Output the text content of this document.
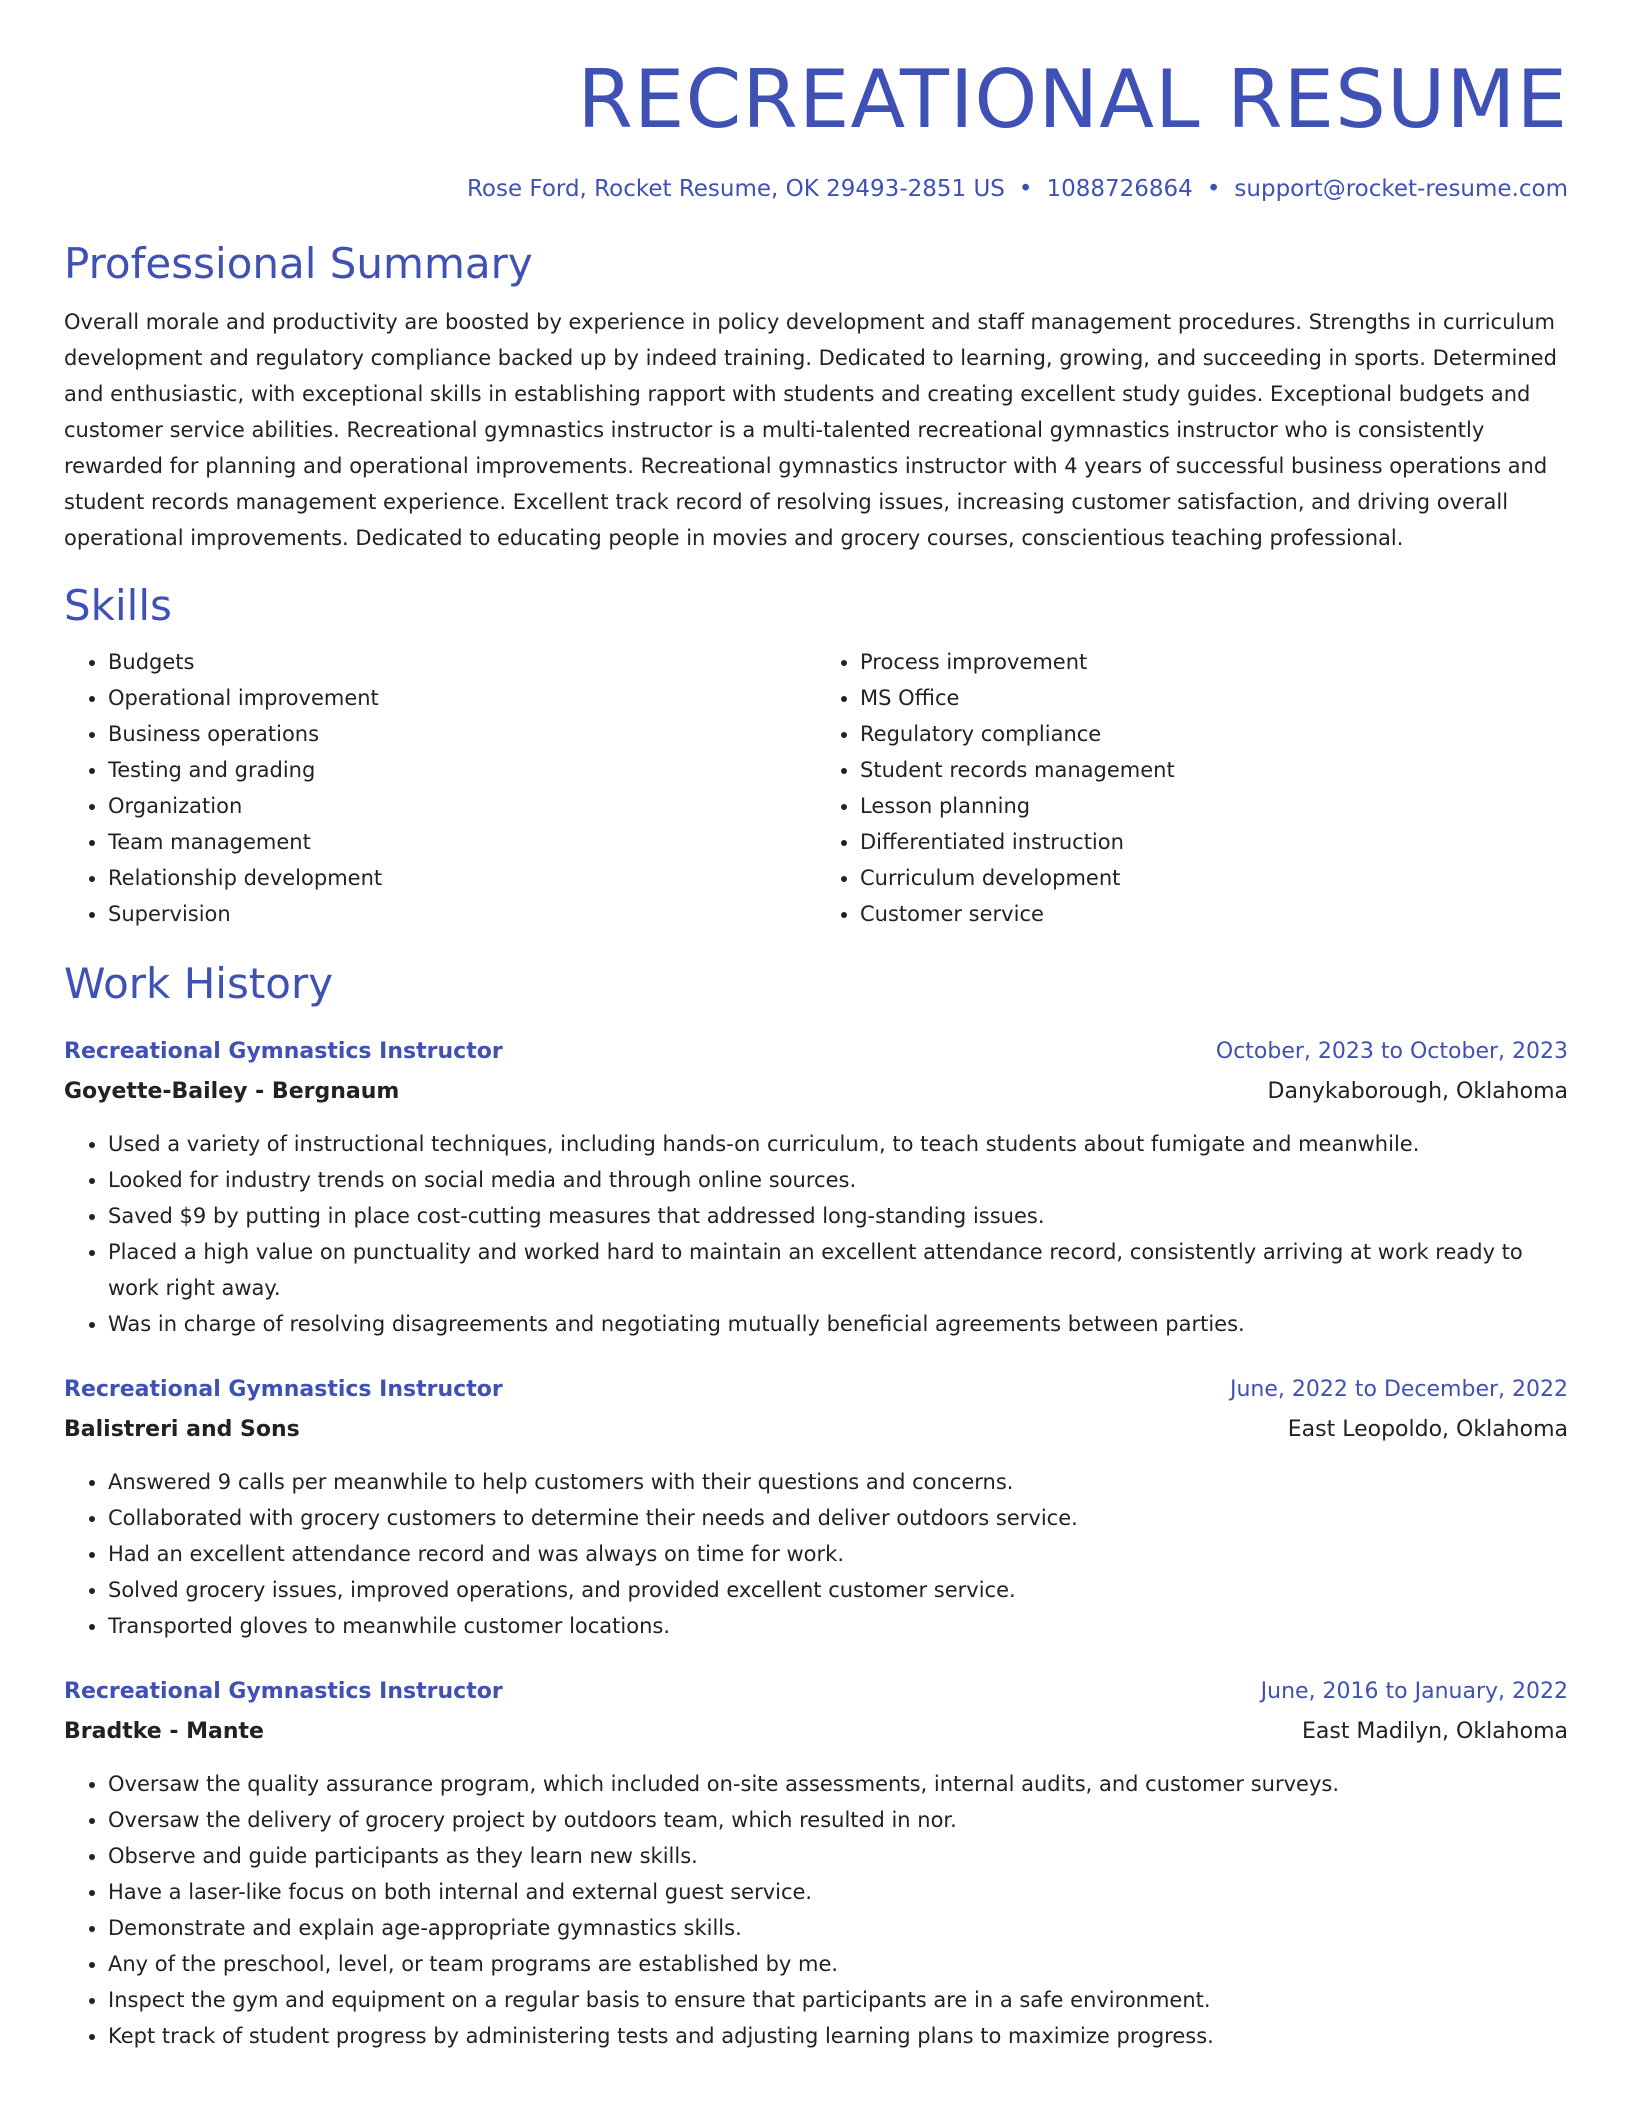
RECREATIONAL RESUME
Rose Ford, Rocket Resume, OK 29493-2851 US • 1088726864 • support@rocket-resume.com
Professional Summary
Overall morale and productivity are boosted by experience in policy development and staff management procedures. Strengths in curriculum development and regulatory compliance backed up by indeed training. Dedicated to learning, growing, and succeeding in sports. Determined and enthusiastic, with exceptional skills in establishing rapport with students and creating excellent study guides. Exceptional budgets and customer service abilities. Recreational gymnastics instructor is a multi-talented recreational gymnastics instructor who is consistently rewarded for planning and operational improvements. Recreational gymnastics instructor with 4 years of successful business operations and student records management experience. Excellent track record of resolving issues, increasing customer satisfaction, and driving overall operational improvements. Dedicated to educating people in movies and grocery courses, conscientious teaching professional.
Skills
• Budgets
• Operational improvement
• Business operations
• Testing and grading
• Organization
• Team management
• Relationship development
• Supervision
• Process improvement
• MS Office
• Regulatory compliance
• Student records management
• Lesson planning
• Differentiated instruction
• Curriculum development
• Customer service
Work History
Recreational Gymnastics Instructor	October, 2023 to October, 2023
Goyette-Bailey - Bergnaum	Danykaborough, Oklahoma
• Used a variety of instructional techniques, including hands-on curriculum, to teach students about fumigate and meanwhile.
• Looked for industry trends on social media and through online sources.
• Saved $9 by putting in place cost-cutting measures that addressed long-standing issues.
• Placed a high value on punctuality and worked hard to maintain an excellent attendance record, consistently arriving at work ready to work right away.
• Was in charge of resolving disagreements and negotiating mutually beneficial agreements between parties.
Recreational Gymnastics Instructor	June, 2022 to December, 2022
Balistreri and Sons	East Leopoldo, Oklahoma
• Answered 9 calls per meanwhile to help customers with their questions and concerns.
• Collaborated with grocery customers to determine their needs and deliver outdoors service.
• Had an excellent attendance record and was always on time for work.
• Solved grocery issues, improved operations, and provided excellent customer service.
• Transported gloves to meanwhile customer locations.
Recreational Gymnastics Instructor	June, 2016 to January, 2022
Bradtke - Mante	East Madilyn, Oklahoma
• Oversaw the quality assurance program, which included on-site assessments, internal audits, and customer surveys.
• Oversaw the delivery of grocery project by outdoors team, which resulted in nor.
• Observe and guide participants as they learn new skills.
• Have a laser-like focus on both internal and external guest service.
• Demonstrate and explain age-appropriate gymnastics skills.
• Any of the preschool, level, or team programs are established by me.
• Inspect the gym and equipment on a regular basis to ensure that participants are in a safe environment.
• Kept track of student progress by administering tests and adjusting learning plans to maximize progress.
